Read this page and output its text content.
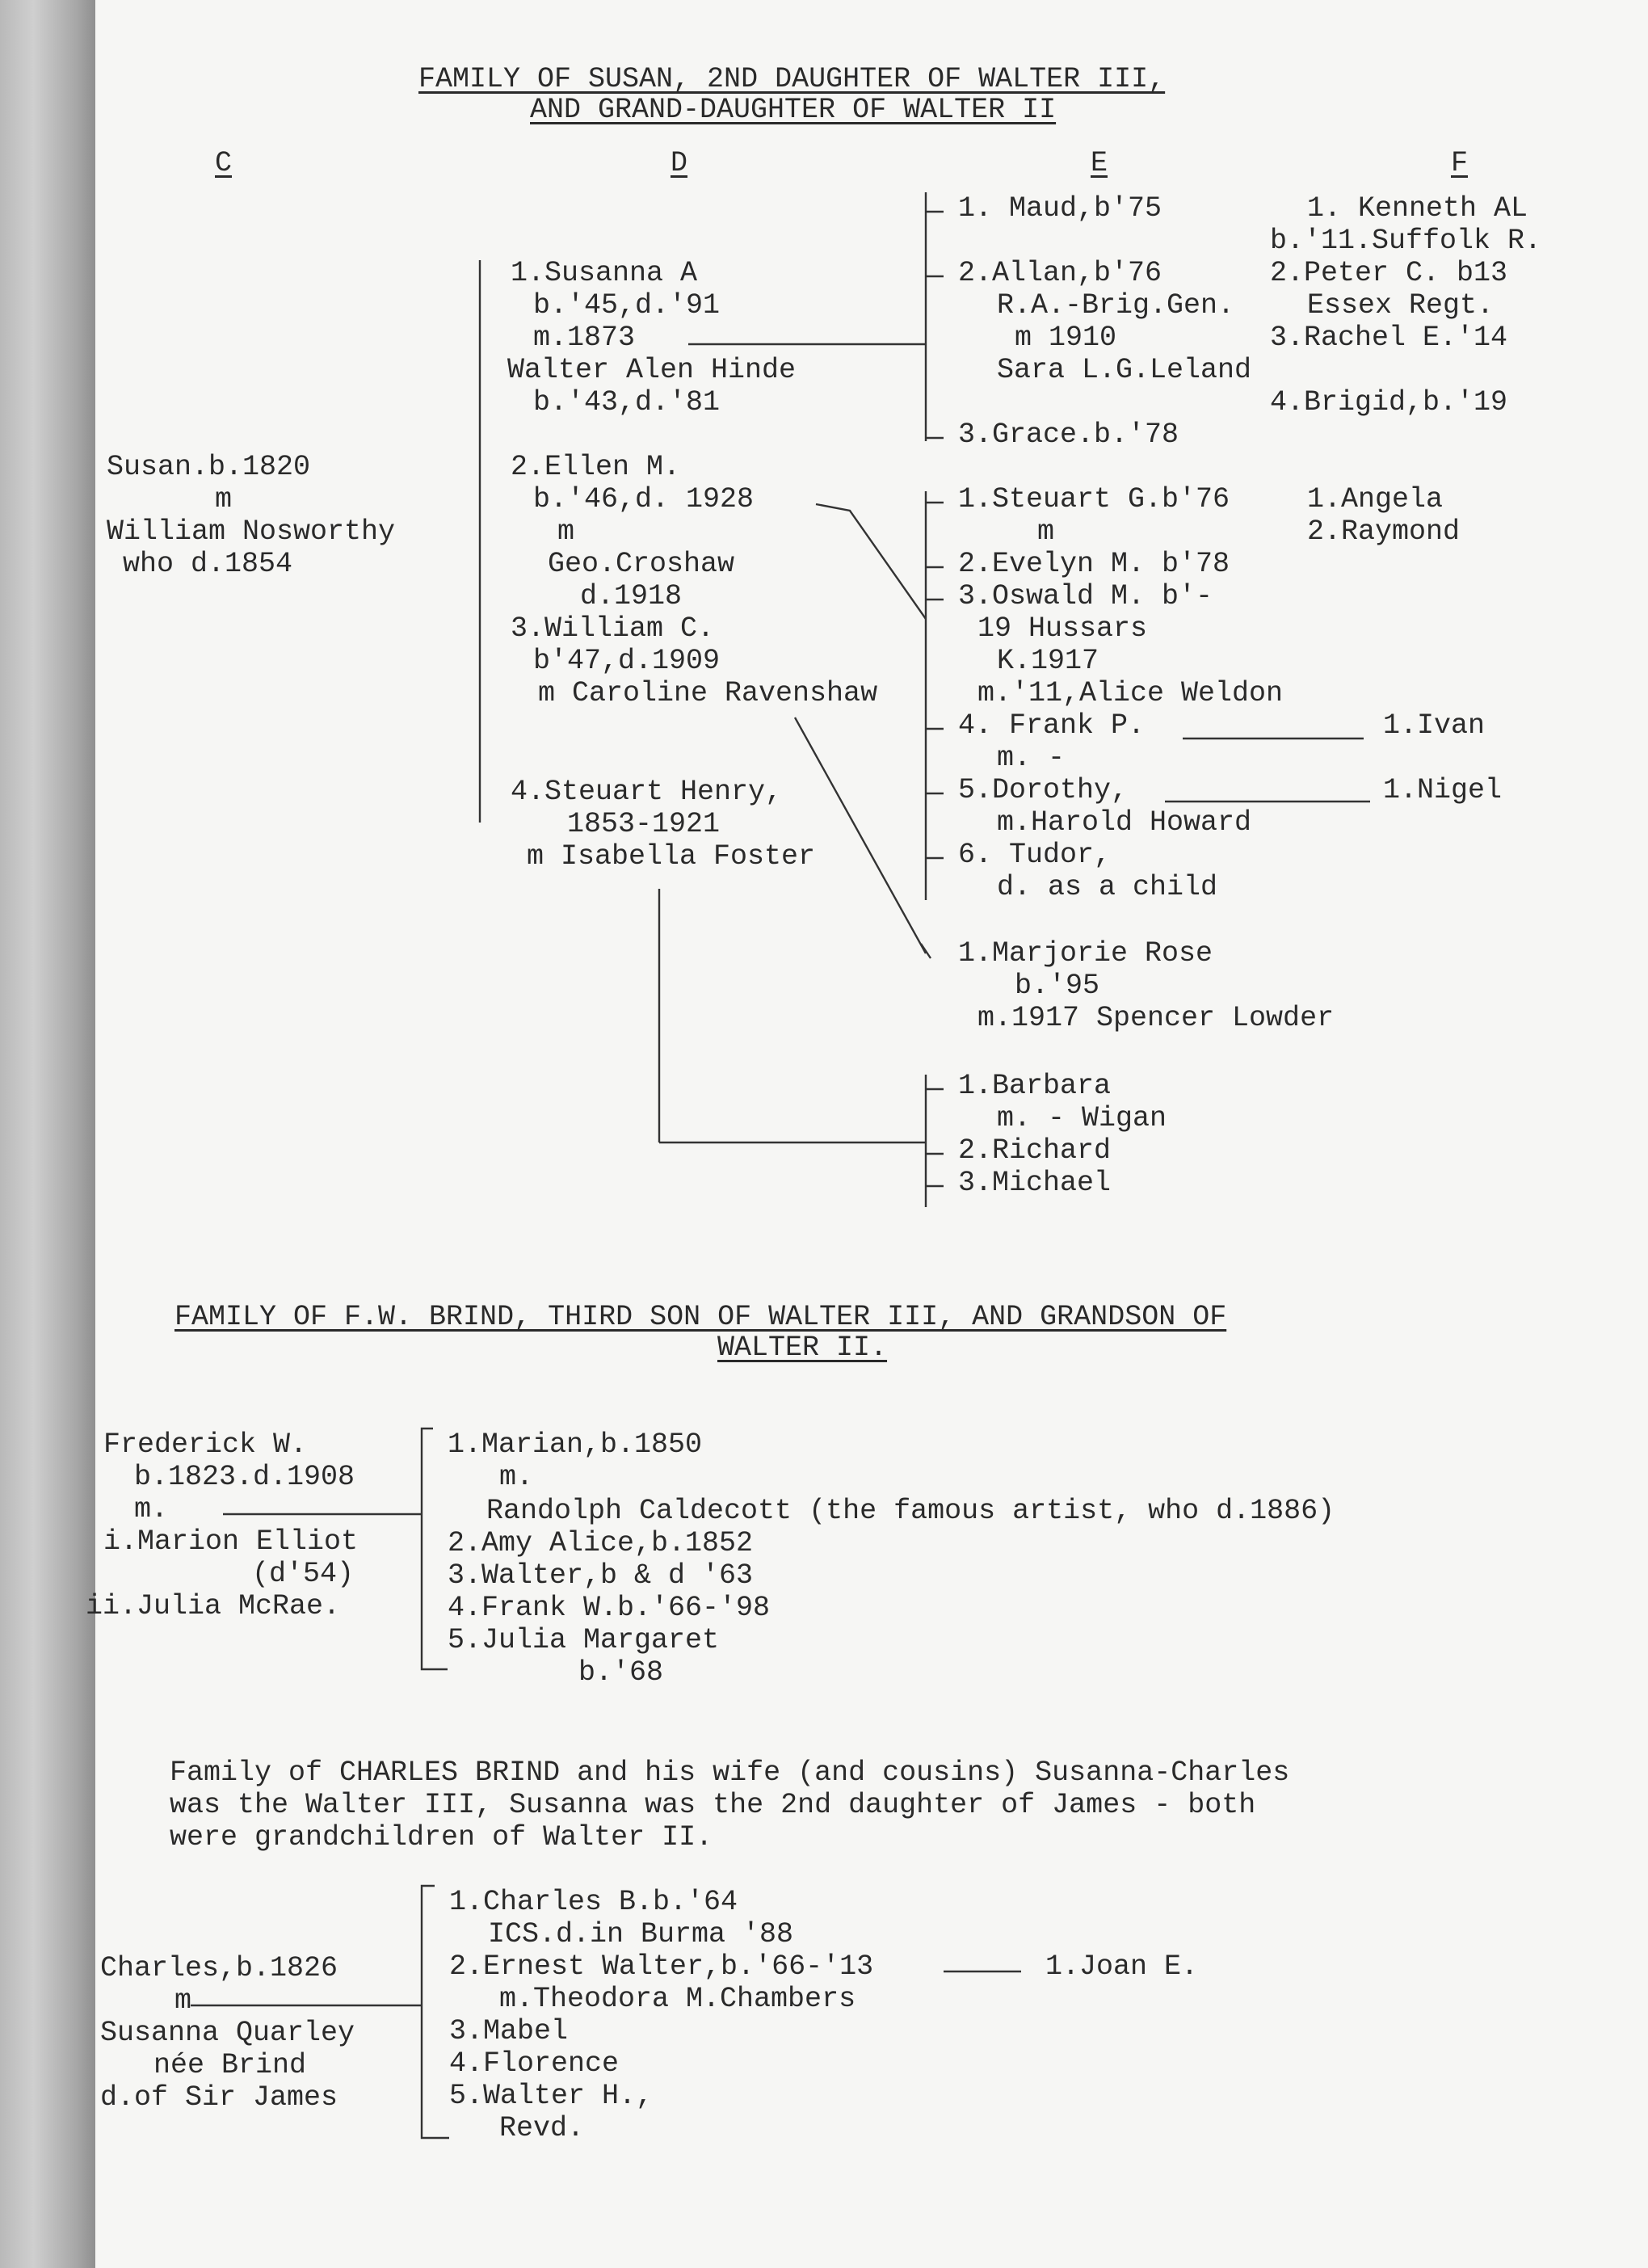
FAMILY OF SUSAN, 2ND DAUGHTER OF WALTER III,
AND GRAND-DAUGHTER OF WALTER II
C	D	E	F
Susan.b.1820
m
William Nosworthy
who d.1854
1.Susanna A
b.'45,d.'91
m.1873
Walter Alen Hinde
b.'43,d.'81
2.Ellen M.
b.'46,d. 1928
m
Geo.Croshaw
d.1918
3.William C.
b'47,d.1909
m Caroline Ravenshaw
4.Steuart Henry,
1853-1921
m Isabella Foster
1. Maud,b'75
2.Allan,b'76
R.A.-Brig.Gen.
m 1910
Sara L.G.Leland
3.Grace.b.'78
1. Kenneth AL
b.'11.Suffolk R.
2.Peter C. b13
Essex Regt.
3.Rachel E.'14
4.Brigid,b.'19
1.Steuart G.b'76
m
2.Evelyn M. b'78
3.Oswald M. b'-
19 Hussars
K.1917
m.'11,Alice Weldon
4. Frank P.
m. -
5.Dorothy,
m.Harold Howard
6. Tudor,
d. as a child
1.Angela
2.Raymond
1.Ivan
1.Nigel
1.Marjorie Rose
b.'95
m.1917 Spencer Lowder
1.Barbara
m. - Wigan
2.Richard
3.Michael
FAMILY OF F.W. BRIND, THIRD SON OF WALTER III, AND GRANDSON OF
WALTER II.
Frederick W.
b.1823.d.1908
m.
i.Marion Elliot
(d'54)
ii.Julia McRae.
1.Marian,b.1850
m.
Randolph Caldecott (the famous artist, who d.1886)
2.Amy Alice,b.1852
3.Walter,b & d '63
4.Frank W.b.'66-'98
5.Julia Margaret
b.'68
Family of CHARLES BRIND and his wife (and cousins) Susanna-Charles
was the Walter III, Susanna was the 2nd daughter of James - both
were grandchildren of Walter II.
Charles,b.1826
m
Susanna Quarley
née Brind
d.of Sir James
1.Charles B.b.'64
ICS.d.in Burma '88
2.Ernest Walter,b.'66-'13
m.Theodora M.Chambers
3.Mabel
4.Florence
5.Walter H.,
Revd.
1.Joan E.
